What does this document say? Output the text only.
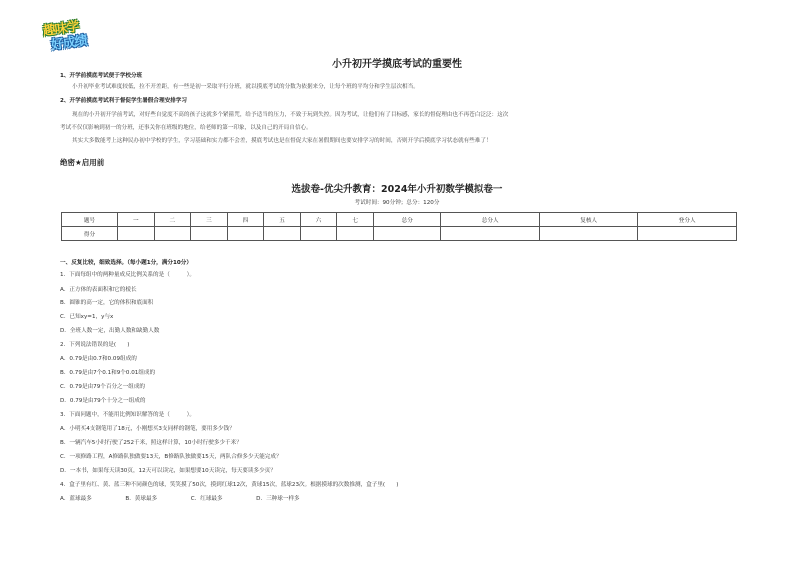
趣味学
好成绩
小升初开学摸底考试的重要性
1、开学前摸底考试便于学校分班
小升初毕业考试难度较低，拉不开差距，有一些是初一采取平行分班，就以摸底考试的分数为依据来分，让每个班的平均分和学生层次相当。
2、开学前摸底考试利于督促学生暑假合理安排学习
现在的小升初开学前考试，对好些自觉度不高的孩子这就多个紧箍咒，给予适当的压力，不致于玩到失控。因为考试，让他们有了目标感，家长的督促理由也不再苍白泛泛：这次
考试不仅仅影响到初一的分班，还事关你在班级的地位，给老师的第一印象，以及自己的开局自信心。
其实大多数能考上这种民办初中学校的学生，学习基础和实力都不会差，摸底考试也是在督促大家在暑假期间也要安排学习的时间，否则开学后摸底学习状态就有些难了！
绝密★启用前
选拔卷-优尖升教育：2024年小升初数学模拟卷一
考试时间：90分钟；总分：120分
题号	一	二	三	四	五	六	七	总分	总分人	复核人	登分人
得分											
一、反复比较，细致选择。（每小题1分，满分10分）
1．下面每组中的两种量成反比例关系的是（　　　）。
A．正方体的表面积和它的棱长
B．圆锥的高一定，它的体积和底面积
C．已知xy=1，y与x
D．全班人数一定，出勤人数和缺勤人数
2．下列说法错误的是(　　)
A．0.79是由0.7和0.09组成的
B．0.79是由7个0.1和9个0.01组成的
C．0.79是由79个百分之一组成的
D．0.79是由79个十分之一组成的
3．下面问题中，不能用比例知识解答的是（　　　）。
A．小明买4支钢笔用了18元，小刚想买3支同样的钢笔，要用多少钱？
B．一辆汽车5小时行驶了252千米，照这样计算，10小时行驶多少千米？
C．一项修路工程，A修路队独做要13天，B修路队独做要15天，两队合修多少天能完成？
D．一本书，如果每天读30页，12天可以读完，如果想要10天读完，每天要读多少页？
4．盒子里有红、黄、蓝三种不同颜色的球，笑笑摸了50次，摸到红球12次，黄球15次，蓝球23次。根据摸球的次数推测，盒子里(　　)
A．蓝球最多　　　　　　B．黄球最多　　　　　　C．红球最多　　　　　　D．三种球一样多
